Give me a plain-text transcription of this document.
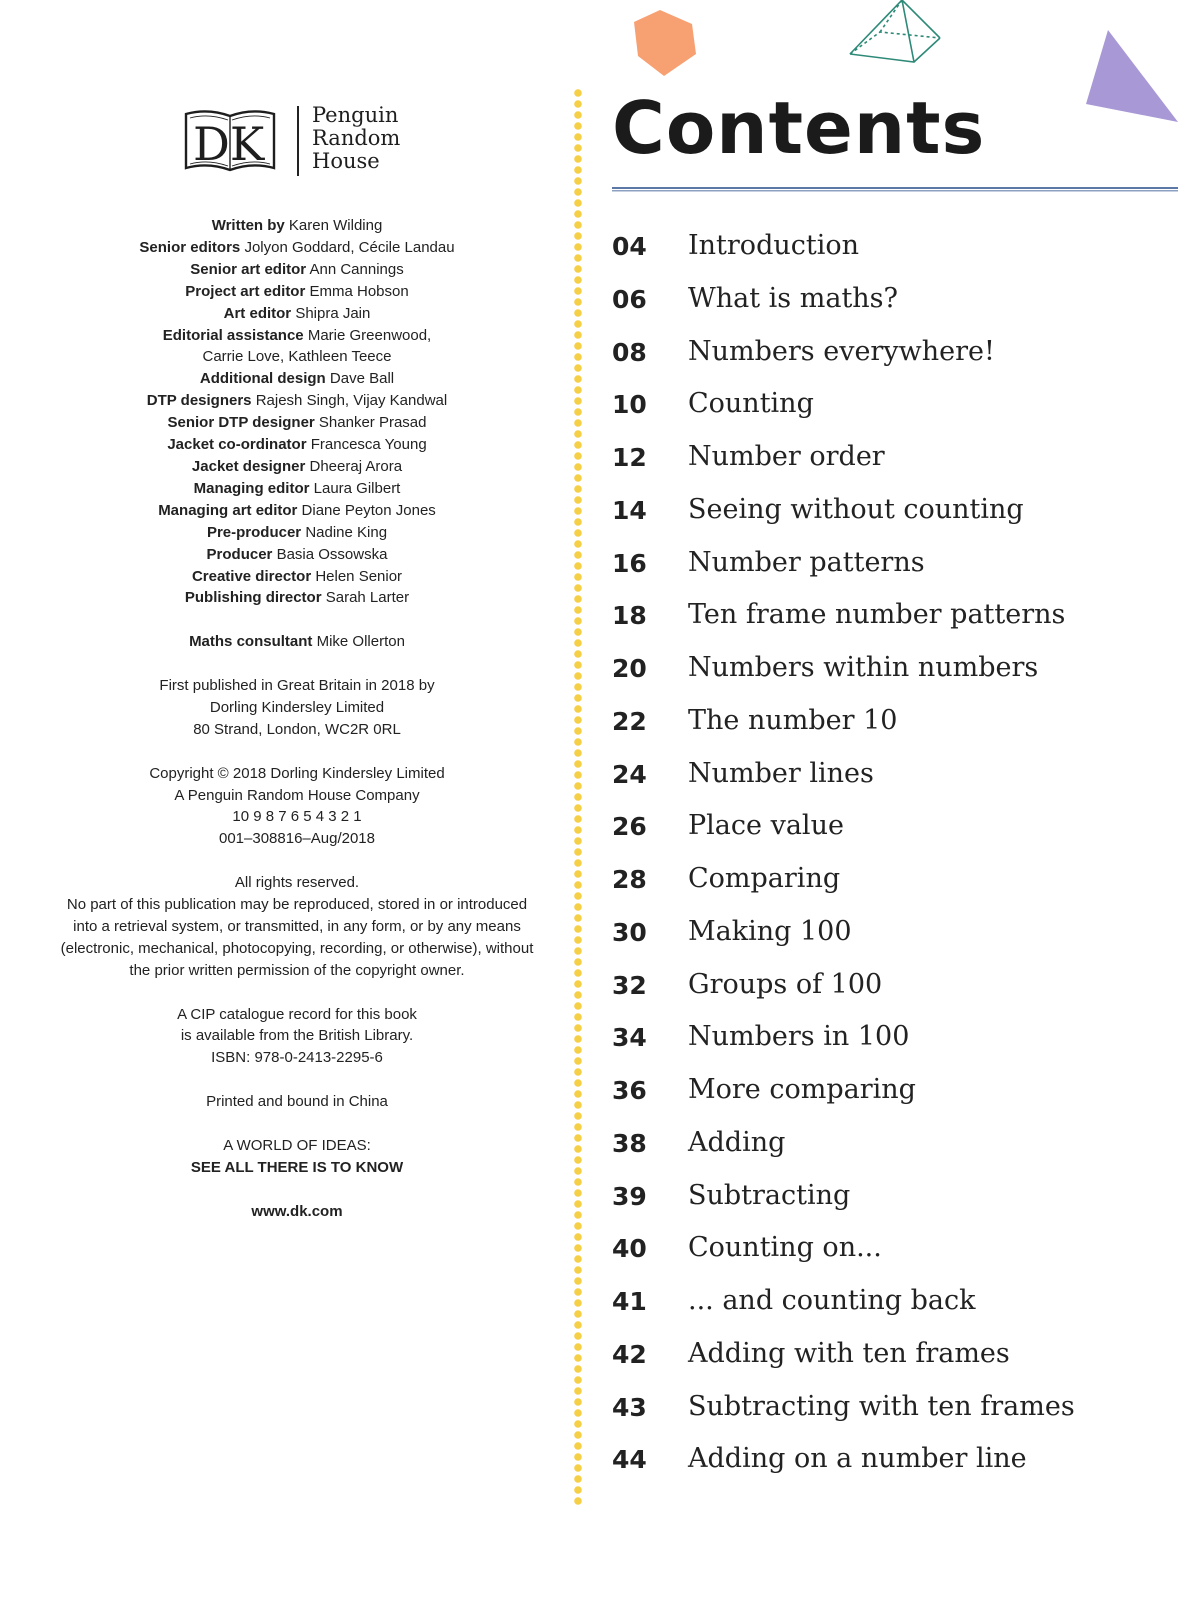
DK
Penguin
Random
House
Written by Karen Wilding
Senior editors Jolyon Goddard, Cécile Landau
Senior art editor Ann Cannings
Project art editor Emma Hobson
Art editor Shipra Jain
Editorial assistance Marie Greenwood,
Carrie Love, Kathleen Teece
Additional design Dave Ball
DTP designers Rajesh Singh, Vijay Kandwal
Senior DTP designer Shanker Prasad
Jacket co-ordinator Francesca Young
Jacket designer Dheeraj Arora
Managing editor Laura Gilbert
Managing art editor Diane Peyton Jones
Pre-producer Nadine King
Producer Basia Ossowska
Creative director Helen Senior
Publishing director Sarah Larter
Maths consultant Mike Ollerton
First published in Great Britain in 2018 by
Dorling Kindersley Limited
80 Strand, London, WC2R 0RL
Copyright © 2018 Dorling Kindersley Limited
A Penguin Random House Company
10 9 8 7 6 5 4 3 2 1
001–308816–Aug/2018
All rights reserved.
No part of this publication may be reproduced, stored in or introduced
into a retrieval system, or transmitted, in any form, or by any means
(electronic, mechanical, photocopying, recording, or otherwise), without
the prior written permission of the copyright owner.
A CIP catalogue record for this book
is available from the British Library.
ISBN: 978-0-2413-2295-6
Printed and bound in China
A WORLD OF IDEAS:
SEE ALL THERE IS TO KNOW
www.dk.com
Contents
04 Introduction
06 What is maths?
08 Numbers everywhere!
10 Counting
12 Number order
14 Seeing without counting
16 Number patterns
18 Ten frame number patterns
20 Numbers within numbers
22 The number 10
24 Number lines
26 Place value
28 Comparing
30 Making 100
32 Groups of 100
34 Numbers in 100
36 More comparing
38 Adding
39 Subtracting
40 Counting on...
41 ... and counting back
42 Adding with ten frames
43 Subtracting with ten frames
44 Adding on a number line
